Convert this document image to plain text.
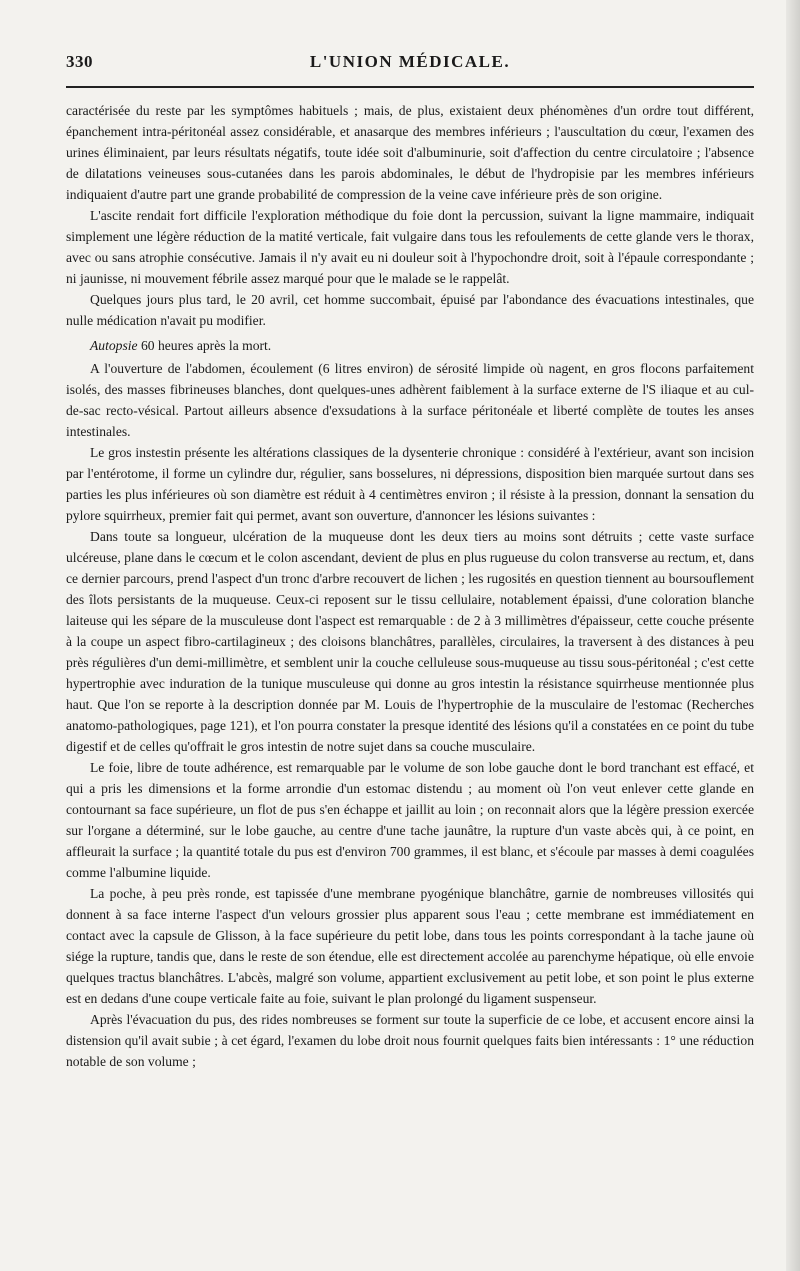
330	L'UNION MÉDICALE.

caractérisée du reste par les symptômes habituels ; mais, de plus, existaient deux phénomènes d'un ordre tout différent, épanchement intra-péritonéal assez considérable, et anasarque des membres inférieurs ; l'auscultation du cœur, l'examen des urines éliminaient, par leurs résultats négatifs, toute idée soit d'albuminurie, soit d'affection du centre circulatoire ; l'absence de dilatations veineuses sous-cutanées dans les parois abdominales, le début de l'hydropisie par les membres inférieurs indiquaient d'autre part une grande probabilité de compression de la veine cave inférieure près de son origine.

L'ascite rendait fort difficile l'exploration méthodique du foie dont la percussion, suivant la ligne mammaire, indiquait simplement une légère réduction de la matité verticale, fait vulgaire dans tous les refoulements de cette glande vers le thorax, avec ou sans atrophie consécutive. Jamais il n'y avait eu ni douleur soit à l'hypochondre droit, soit à l'épaule correspondante ; ni jaunisse, ni mouvement fébrile assez marqué pour que le malade se le rappelât.

Quelques jours plus tard, le 20 avril, cet homme succombait, épuisé par l'abondance des évacuations intestinales, que nulle médication n'avait pu modifier.

Autopsie 60 heures après la mort.

A l'ouverture de l'abdomen, écoulement (6 litres environ) de sérosité limpide où nagent, en gros flocons parfaitement isolés, des masses fibrineuses blanches, dont quelques-unes adhèrent faiblement à la surface externe de l'S iliaque et au cul-de-sac recto-vésical. Partout ailleurs absence d'exsudations à la surface péritonéale et liberté complète de toutes les anses intestinales.

Le gros instestin présente les altérations classiques de la dysenterie chronique : considéré à l'extérieur, avant son incision par l'entérotome, il forme un cylindre dur, régulier, sans bosselures, ni dépressions, disposition bien marquée surtout dans ses parties les plus inférieures où son diamètre est réduit à 4 centimètres environ ; il résiste à la pression, donnant la sensation du pylore squirrheux, premier fait qui permet, avant son ouverture, d'annoncer les lésions suivantes :

Dans toute sa longueur, ulcération de la muqueuse dont les deux tiers au moins sont détruits ; cette vaste surface ulcéreuse, plane dans le cœcum et le colon ascendant, devient de plus en plus rugueuse du colon transverse au rectum, et, dans ce dernier parcours, prend l'aspect d'un tronc d'arbre recouvert de lichen ; les rugosités en question tiennent au boursouflement des îlots persistants de la muqueuse. Ceux-ci reposent sur le tissu cellulaire, notablement épaissi, d'une coloration blanche laiteuse qui les sépare de la musculeuse dont l'aspect est remarquable : de 2 à 3 millimètres d'épaisseur, cette couche présente à la coupe un aspect fibro-cartilagineux ; des cloisons blanchâtres, parallèles, circulaires, la traversent à des distances à peu près régulières d'un demi-millimètre, et semblent unir la couche celluleuse sous-muqueuse au tissu sous-péritonéal ; c'est cette hypertrophie avec induration de la tunique musculeuse qui donne au gros intestin la résistance squirrheuse mentionnée plus haut. Que l'on se reporte à la description donnée par M. Louis de l'hypertrophie de la musculaire de l'estomac (Recherches anatomo-pathologiques, page 121), et l'on pourra constater la presque identité des lésions qu'il a constatées en ce point du tube digestif et de celles qu'offrait le gros intestin de notre sujet dans sa couche musculaire.

Le foie, libre de toute adhérence, est remarquable par le volume de son lobe gauche dont le bord tranchant est effacé, et qui a pris les dimensions et la forme arrondie d'un estomac distendu ; au moment où l'on veut enlever cette glande en contournant sa face supérieure, un flot de pus s'en échappe et jaillit au loin ; on reconnait alors que la légère pression exercée sur l'organe a déterminé, sur le lobe gauche, au centre d'une tache jaunâtre, la rupture d'un vaste abcès qui, à ce point, en affleurait la surface ; la quantité totale du pus est d'environ 700 grammes, il est blanc, et s'écoule par masses à demi coagulées comme l'albumine liquide.

La poche, à peu près ronde, est tapissée d'une membrane pyogénique blanchâtre, garnie de nombreuses villosités qui donnent à sa face interne l'aspect d'un velours grossier plus apparent sous l'eau ; cette membrane est immédiatement en contact avec la capsule de Glisson, à la face supérieure du petit lobe, dans tous les points correspondant à la tache jaune où siége la rupture, tandis que, dans le reste de son étendue, elle est directement accolée au parenchyme hépatique, où elle envoie quelques tractus blanchâtres. L'abcès, malgré son volume, appartient exclusivement au petit lobe, et son point le plus externe est en dedans d'une coupe verticale faite au foie, suivant le plan prolongé du ligament suspenseur.

Après l'évacuation du pus, des rides nombreuses se forment sur toute la superficie de ce lobe, et accusent encore ainsi la distension qu'il avait subie ; à cet égard, l'examen du lobe droit nous fournit quelques faits bien intéressants : 1° une réduction notable de son volume ;
